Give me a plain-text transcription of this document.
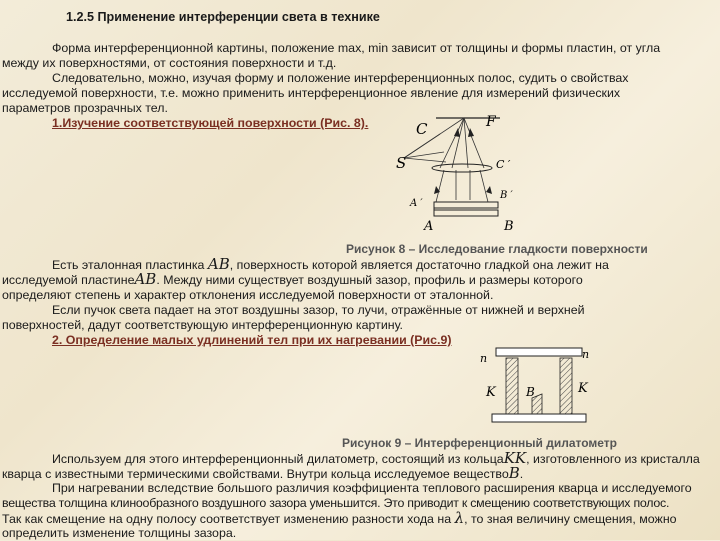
1.2.5 Применение интерференции света в технике
Форма интерференционной картины, положение max, min зависит от толщины и формы пластин, от угла
между их поверхностями, от состояния поверхности и т.д.
Следовательно, можно, изучая форму и положение интерференционных полос, судить о свойствах
исследуемой поверхности, т.е. можно применить интерференционное явление для измерений физических
параметров прозрачных тел.
1.Изучение соответствующей поверхности (Рис. 8).	C	F
S	C ′
B ′
A ′
A	B
Рисунок 8 – Исследование гладкости поверхности
Есть эталонная пластинка AB, поверхность которой является достаточно гладкой она лежит на
исследуемой пластинеAB. Между ними существует воздушный зазор, профиль и размеры которого
определяют степень и характер отклонения исследуемой поверхности от эталонной.
Если пучок света падает на этот воздушны зазор, то лучи, отражённые от нижней и верхней
поверхностей, дадут соответствующую интерференционную картину.
2. Определение малых удлинений тел при их нагревании (Рис.9)
n	n
K	B	K
Рисунок 9 – Интерференционный дилатометр
Используем для этого интерференционный дилатометр, состоящий из кольцаKK, изготовленного из кристалла
кварца с известными термическими свойствами. Внутри кольца исследуемое веществоB.
При нагревании вследствие большого различия коэффициента теплового расширения кварца и исследуемого
вещества толщина клинообразного воздушного зазора уменьшится. Это приводит к смещению соответствующих полос.
Так как смещение на одну полосу соответствует изменению разности хода на λ, то зная величину смещения, можно
определить изменение толщины зазора.
